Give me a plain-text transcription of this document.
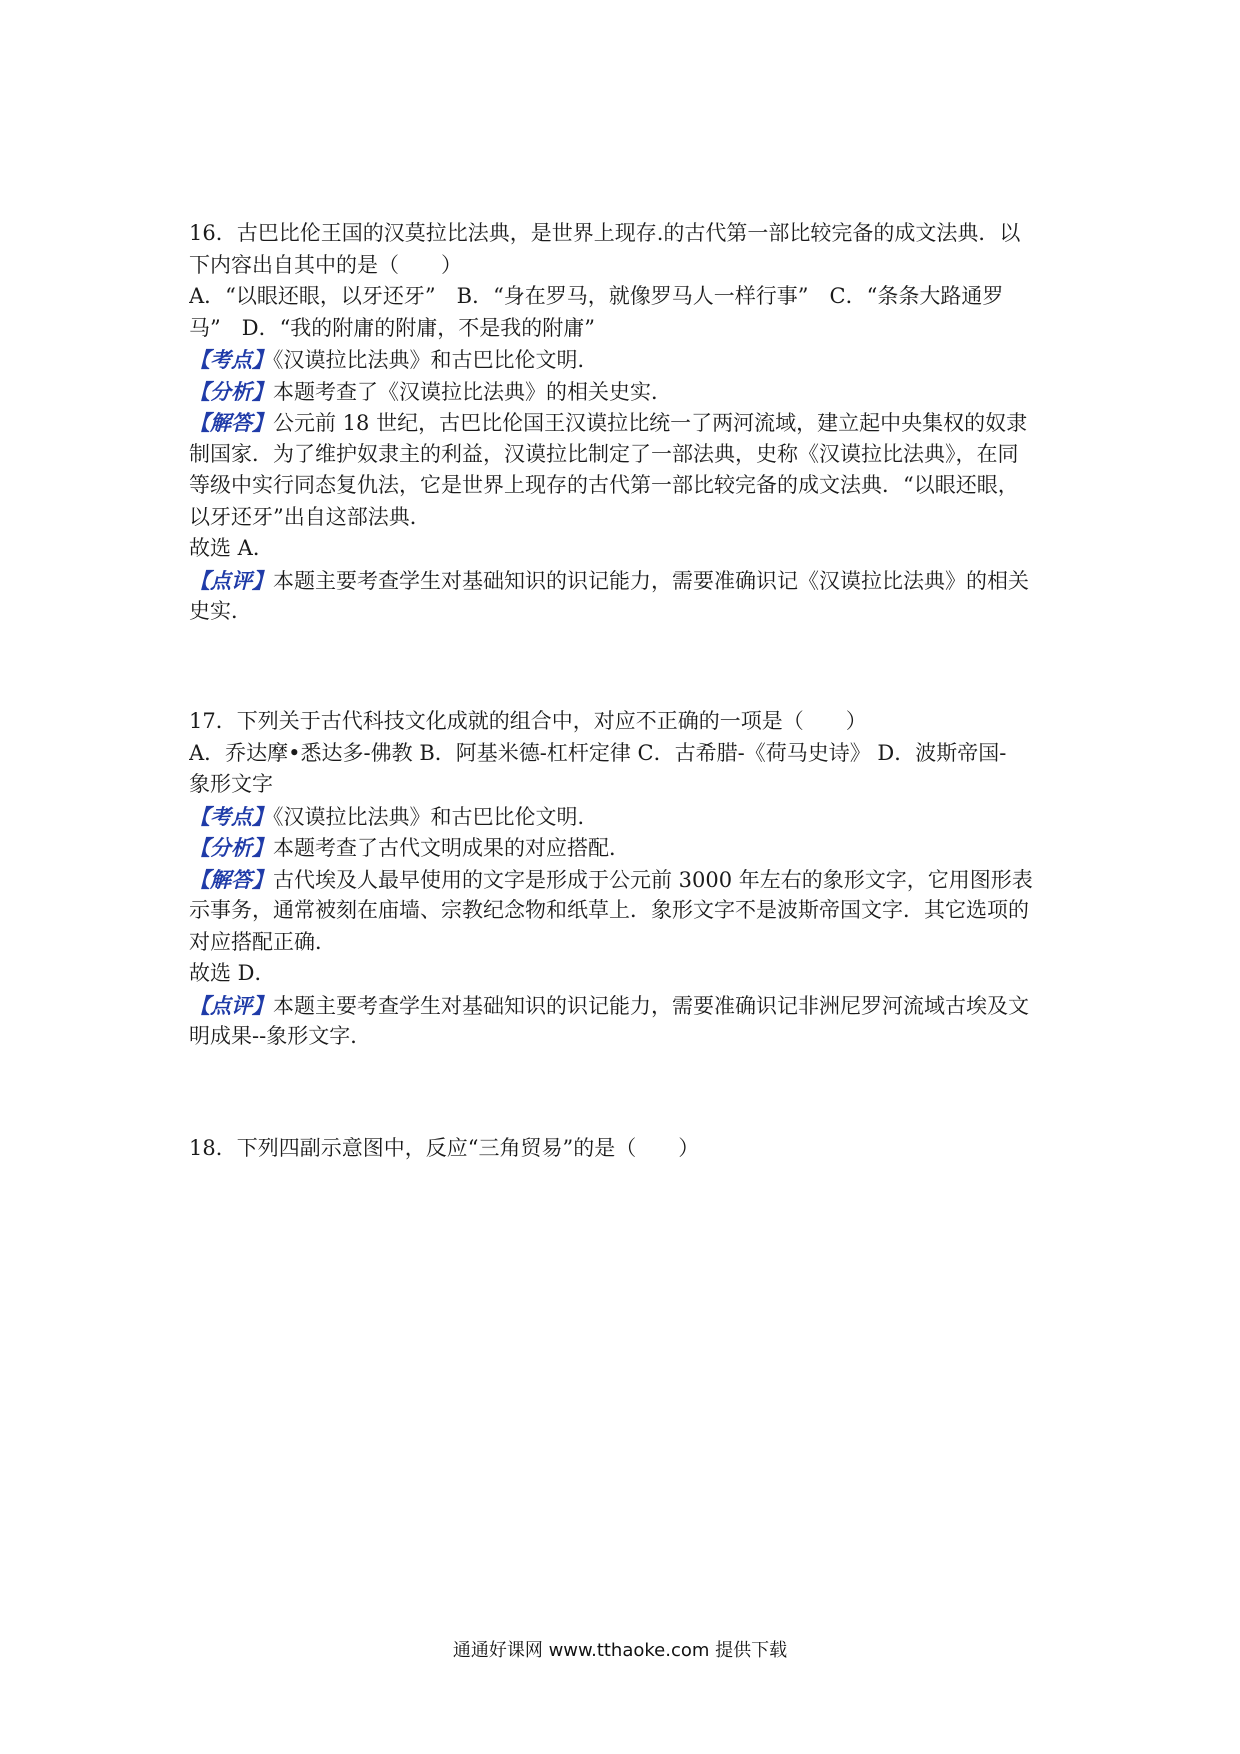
16．古巴比伦王国的汉莫拉比法典，是世界上现存.的古代第一部比较完备的成文法典．以
下内容出自其中的是（　　）
A．“以眼还眼，以牙还牙”　B．“身在罗马，就像罗马人一样行事”　C．“条条大路通罗
马”　D．“我的附庸的附庸，不是我的附庸”
【考点】《汉谟拉比法典》和古巴比伦文明．
【分析】本题考查了《汉谟拉比法典》的相关史实．
【解答】公元前 18 世纪，古巴比伦国王汉谟拉比统一了两河流域，建立起中央集权的奴隶
制国家．为了维护奴隶主的利益，汉谟拉比制定了一部法典，史称《汉谟拉比法典》，在同
等级中实行同态复仇法，它是世界上现存的古代第一部比较完备的成文法典．“以眼还眼，
以牙还牙”出自这部法典．
故选 A．
【点评】本题主要考查学生对基础知识的识记能力，需要准确识记《汉谟拉比法典》的相关
史实．
17．下列关于古代科技文化成就的组合中，对应不正确的一项是（　　）
A．乔达摩•悉达多-佛教 B．阿基米德-杠杆定律 C．古希腊-《荷马史诗》 D．波斯帝国-
象形文字
【考点】《汉谟拉比法典》和古巴比伦文明．
【分析】本题考查了古代文明成果的对应搭配．
【解答】古代埃及人最早使用的文字是形成于公元前 3000 年左右的象形文字，它用图形表
示事务，通常被刻在庙墙、宗教纪念物和纸草上．象形文字不是波斯帝国文字．其它选项的
对应搭配正确．
故选 D．
【点评】本题主要考查学生对基础知识的识记能力，需要准确识记非洲尼罗河流域古埃及文
明成果--象形文字．
18．下列四副示意图中，反应“三角贸易”的是（　　）
通通好课网 www.tthaoke.com 提供下载
